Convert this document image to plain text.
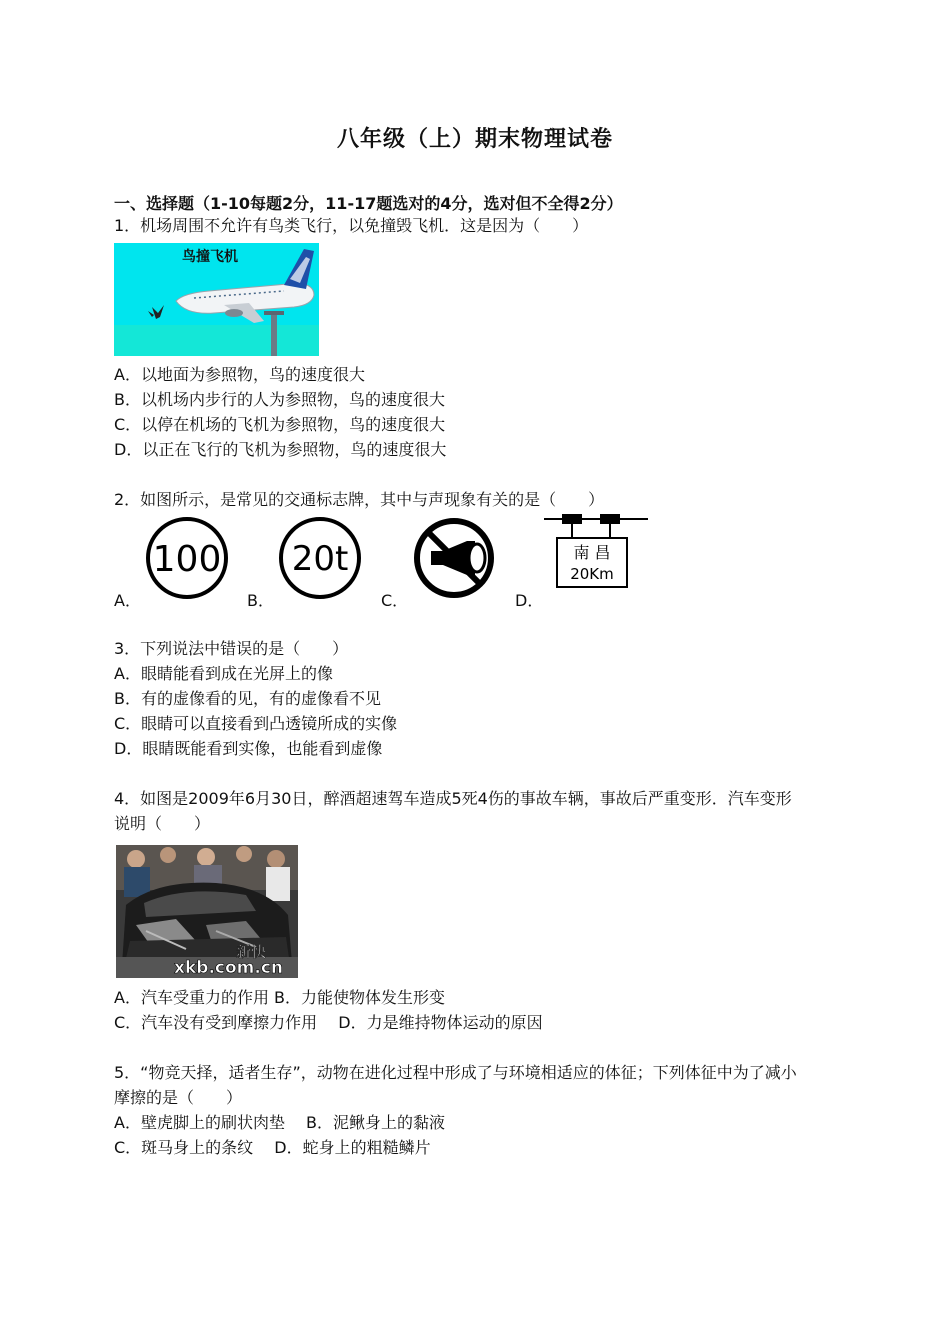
八年级（上）期末物理试卷
一、选择题（1-10每题2分，11-17题选对的4分，选对但不全得2分）
1．机场周围不允许有鸟类飞行，以免撞毁飞机．这是因为（　　）
鸟撞飞机
A．以地面为参照物，鸟的速度很大
B．以机场内步行的人为参照物，鸟的速度很大
C．以停在机场的飞机为参照物，鸟的速度很大
D．以正在飞行的飞机为参照物，鸟的速度很大
2．如图所示，是常见的交通标志牌，其中与声现象有关的是（　　）
A．
100
B．
20t
C．	D．
南 昌
20Km
3．下列说法中错误的是（　　）
A．眼睛能看到成在光屏上的像
B．有的虚像看的见，有的虚像看不见
C．眼睛可以直接看到凸透镜所成的实像
D．眼睛既能看到实像，也能看到虚像
4．如图是2009年6月30日，醉酒超速驾车造成5死4伤的事故车辆，事故后严重变形．汽车变形
说明（　　）
新快
xkb.com.cn
A．汽车受重力的作用 B．力能使物体发生形变
C．汽车没有受到摩擦力作用　 D．力是维持物体运动的原因
5．“物竞天择，适者生存”，动物在进化过程中形成了与环境相适应的体征；下列体征中为了减小
摩擦的是（　　）
A．壁虎脚上的刷状肉垫　 B．泥鳅身上的黏液
C．斑马身上的条纹　 D．蛇身上的粗糙鳞片
